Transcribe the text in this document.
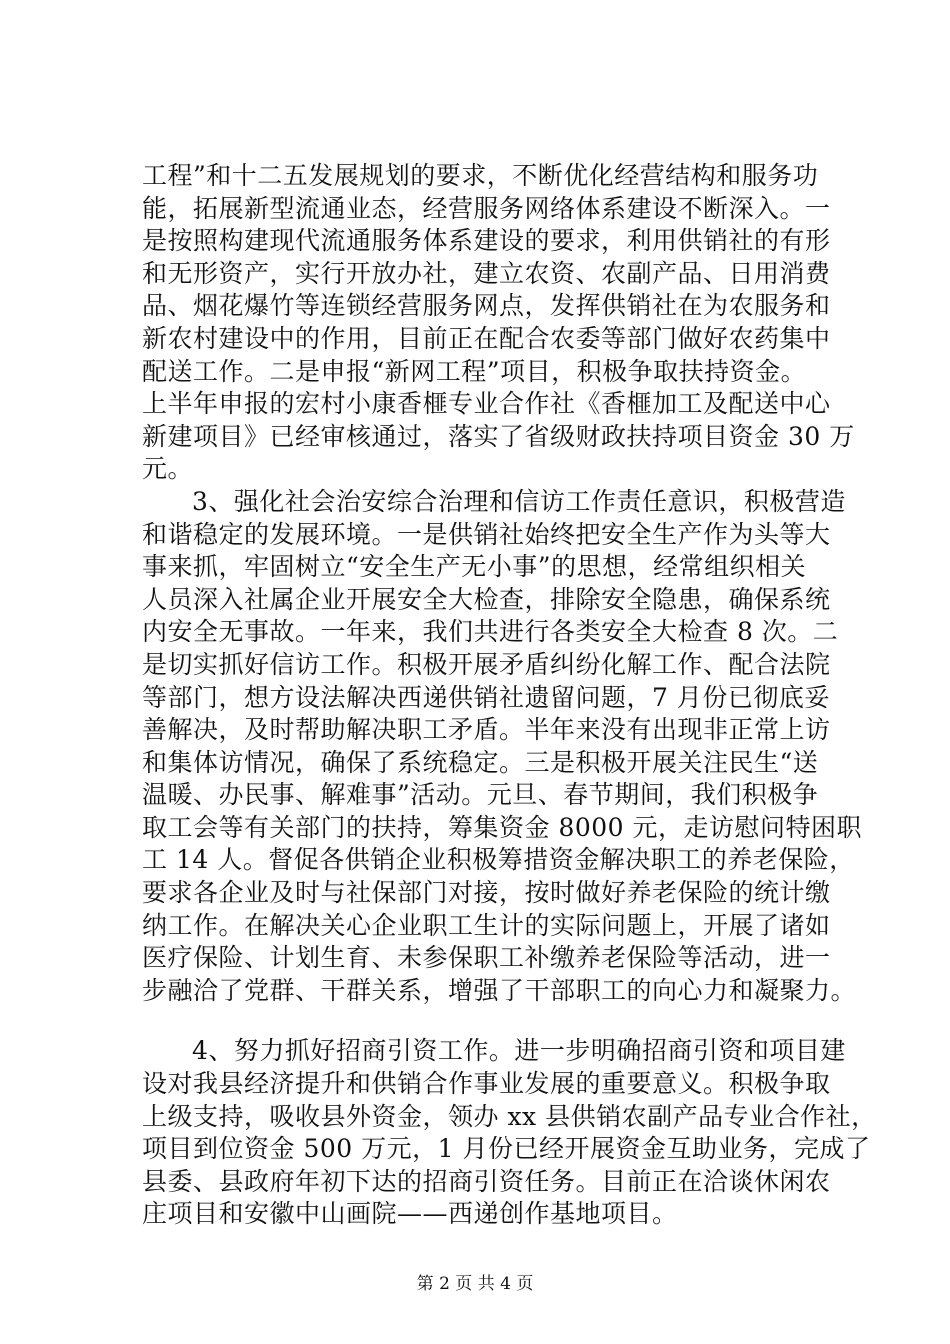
工程”和十二五发展规划的要求，不断优化经营结构和服务功
能，拓展新型流通业态，经营服务网络体系建设不断深入。一
是按照构建现代流通服务体系建设的要求，利用供销社的有形
和无形资产，实行开放办社，建立农资、农副产品、日用消费
品、烟花爆竹等连锁经营服务网点，发挥供销社在为农服务和
新农村建设中的作用，目前正在配合农委等部门做好农药集中
配送工作。二是申报“新网工程”项目，积极争取扶持资金。
上半年申报的宏村小康香榧专业合作社《香榧加工及配送中心
新建项目》已经审核通过，落实了省级财政扶持项目资金 30 万
元。
3、强化社会治安综合治理和信访工作责任意识，积极营造
和谐稳定的发展环境。一是供销社始终把安全生产作为头等大
事来抓，牢固树立“安全生产无小事”的思想，经常组织相关
人员深入社属企业开展安全大检查，排除安全隐患，确保系统
内安全无事故。一年来，我们共进行各类安全大检查 8 次。二
是切实抓好信访工作。积极开展矛盾纠纷化解工作、配合法院
等部门，想方设法解决西递供销社遗留问题，7 月份已彻底妥
善解决，及时帮助解决职工矛盾。半年来没有出现非正常上访
和集体访情况，确保了系统稳定。三是积极开展关注民生“送
温暖、办民事、解难事”活动。元旦、春节期间，我们积极争
取工会等有关部门的扶持，筹集资金 8000 元，走访慰问特困职
工 14 人。督促各供销企业积极筹措资金解决职工的养老保险，
要求各企业及时与社保部门对接，按时做好养老保险的统计缴
纳工作。在解决关心企业职工生计的实际问题上，开展了诸如
医疗保险、计划生育、未参保职工补缴养老保险等活动，进一
步融洽了党群、干群关系，增强了干部职工的向心力和凝聚力。
4、努力抓好招商引资工作。进一步明确招商引资和项目建
设对我县经济提升和供销合作事业发展的重要意义。积极争取
上级支持，吸收县外资金，领办 xx 县供销农副产品专业合作社，
项目到位资金 500 万元，1 月份已经开展资金互助业务，完成了
县委、县政府年初下达的招商引资任务。目前正在洽谈休闲农
庄项目和安徽中山画院——西递创作基地项目。
第 2 页 共 4 页
